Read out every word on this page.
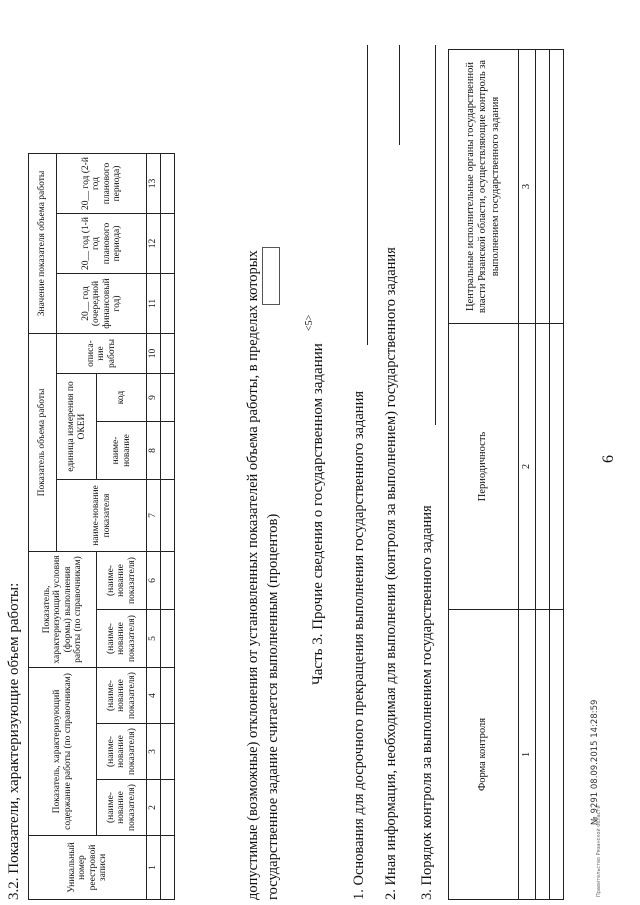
3.2. Показатели, характеризующие объем работы:
6
Уникальный номер реестровой записи	Показатель, характеризующий содержание работы (по справочникам)			Показатель, характеризующий условия (формы) выполнения работы (по справочникам)		Показатель объема работы				Значение показателя объема работы			
						наиме-нование показателя	единица измерения по ОКЕИ		описа-ние работы	20__ год (очередной финансовый год)	20__ год (1-й год планового периода)	20__ год (2-й год планового периода)	
	(наиме-нование показателя)	(наиме-нование показателя)	(наиме-нование показателя)	(наиме-нование показателя)	(наиме-нование показателя)		наиме-нование	код					
1	2	3	4	5	6	7	8	9	10	11	12	13	

допустимые (возможные) отклонения от установленных показателей объема работы, в пределах которых государственное задание считается выполненным (процентов) Часть 3. Прочие сведения о государственном задании
<5>
1. Основания для досрочного прекращения выполнения государственного задания 2. Иная информация, необходимая для выполнения (контроля за выполнением) государственного задания 3. Порядок контроля за выполнением государственного задания	Форма контроля	Периодичность	Центральные исполнительные органы государственной власти Рязанской области, осуществляющие контроль за выполнением государственного задания
1	2	3

Правительство Рязанской области
№ 9291 08.09.2015 14:28:59
